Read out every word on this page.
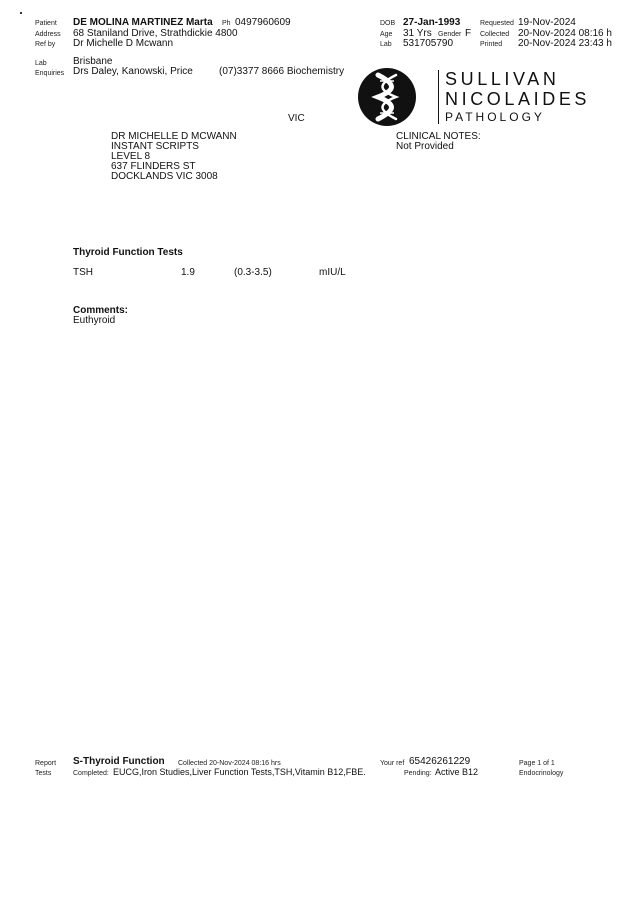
Patient DE MOLINA MARTINEZ Marta Ph 0497960609
Address 68 Staniland Drive, Strathdickie 4800
Ref by Dr Michelle D Mcwann
DOB 27-Jan-1993
Age 31 Yrs Gender F
Lab 531705790
Requested 19-Nov-2024
Collected 20-Nov-2024 08:16 h
Printed 20-Nov-2024 23:43 h
Lab	Brisbane
Enquiries Drs Daley, Kanowski, Price	(07)3377 8666 Biochemistry	SULLIVAN
NICOLAIDES
PATHOLOGY
VIC
DR MICHELLE D MCWANN
INSTANT SCRIPTS
LEVEL 8
637 FLINDERS ST
DOCKLANDS VIC 3008
CLINICAL NOTES:
Not Provided
Thyroid Function Tests
TSH	1.9	(0.3-3.5)	mIU/L
Comments:
Euthyroid
Report
Tests
S-Thyroid Function Collected 20-Nov-2024 08:16 hrs	Your ref 65426261229	Page 1 of 1
Completed: EUCG,Iron Studies,Liver Function Tests,TSH,Vitamin B12,FBE.	Pending: Active B12	Endocrinology
